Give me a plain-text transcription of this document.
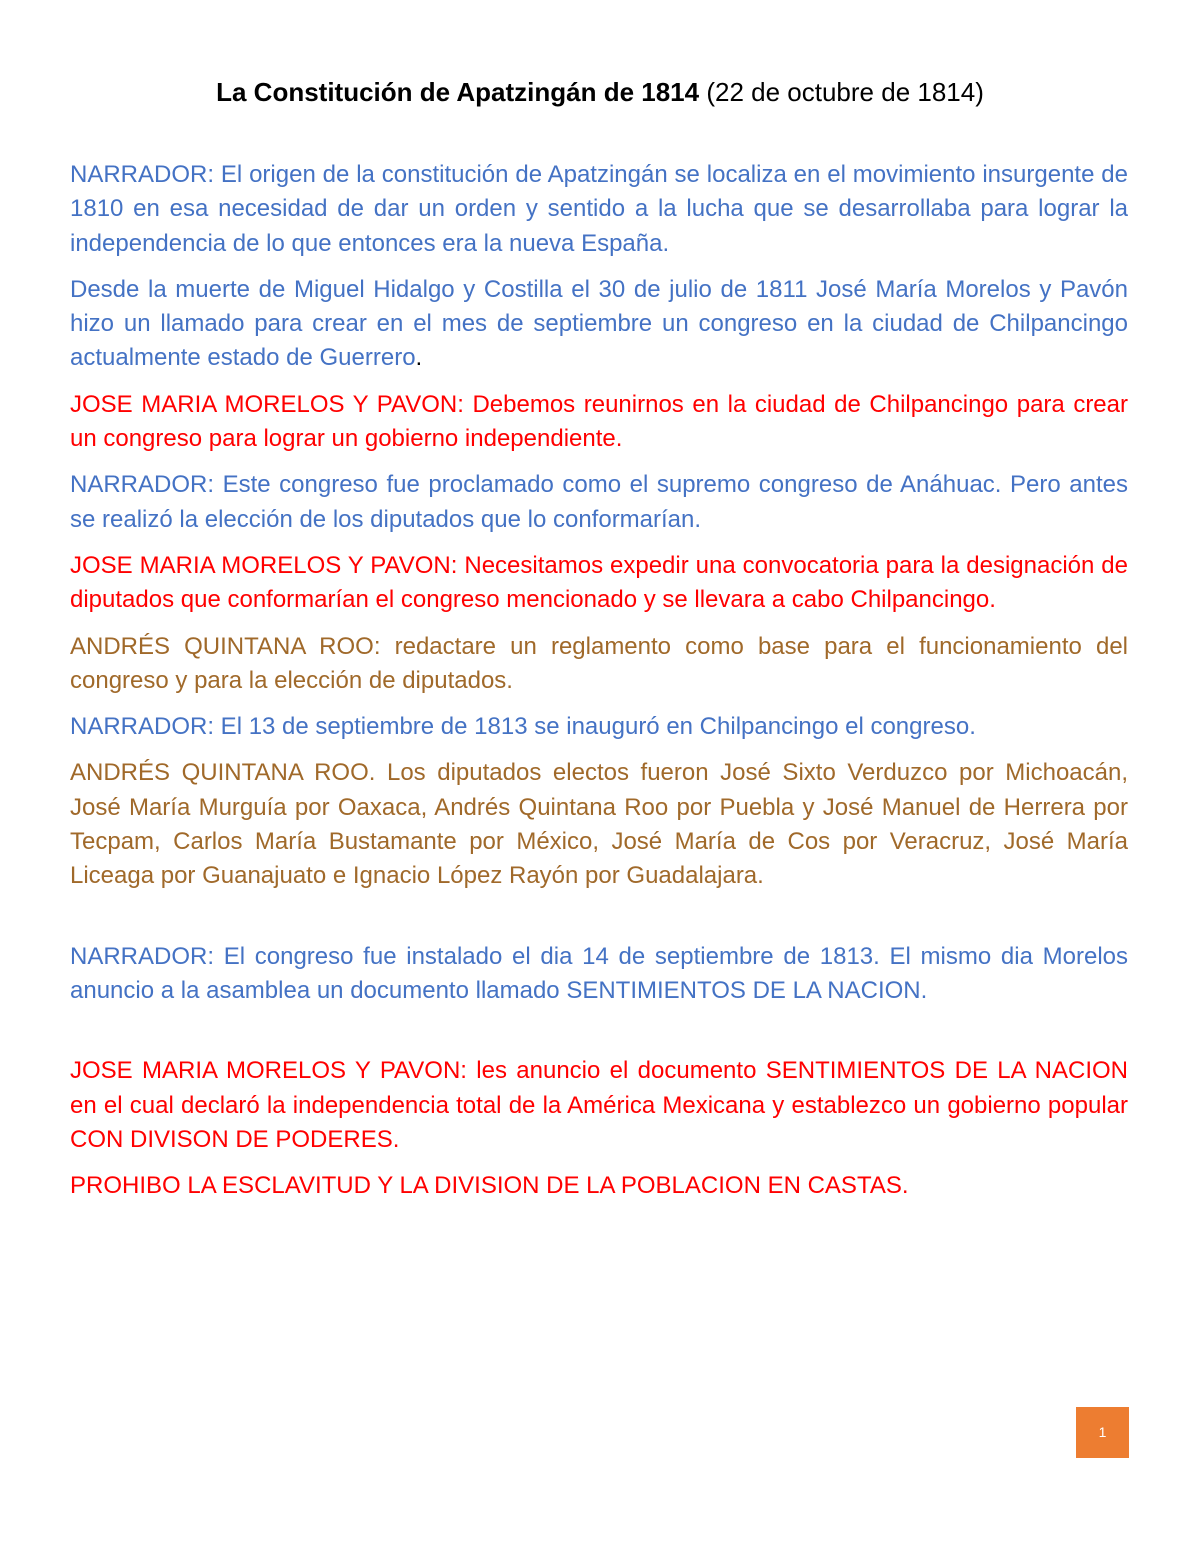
La Constitución de Apatzingán de 1814 (22 de octubre de 1814)

NARRADOR: El origen de la constitución de Apatzingán se localiza en el movimiento insurgente de 1810 en esa necesidad de dar un orden y sentido a la lucha que se desarrollaba para lograr la independencia de lo que entonces era la nueva España.

Desde la muerte de Miguel Hidalgo y Costilla el 30 de julio de 1811 José María Morelos y Pavón hizo un llamado para crear en el mes de septiembre un congreso en la ciudad de Chilpancingo actualmente estado de Guerrero.

JOSE MARIA MORELOS Y PAVON: Debemos reunirnos en la ciudad de Chilpancingo para crear un congreso para lograr un gobierno independiente.

NARRADOR: Este congreso fue proclamado como el supremo congreso de Anáhuac. Pero antes se realizó la elección de los diputados que lo conformarían.

JOSE MARIA MORELOS Y PAVON: Necesitamos expedir una convocatoria para la designación de diputados que conformarían el congreso mencionado y se llevara a cabo Chilpancingo.

ANDRÉS QUINTANA ROO: redactare un reglamento como base para el funcionamiento del congreso y para la elección de diputados.

NARRADOR: El 13 de septiembre de 1813 se inauguró en Chilpancingo el congreso.

ANDRÉS QUINTANA ROO. Los diputados electos fueron José Sixto Verduzco por Michoacán, José María Murguía por Oaxaca, Andrés Quintana Roo por Puebla y José Manuel de Herrera por Tecpam, Carlos María Bustamante por México, José María de Cos por Veracruz, José María Liceaga por Guanajuato e Ignacio López Rayón por Guadalajara.

NARRADOR: El congreso fue instalado el dia 14 de septiembre de 1813. El mismo dia Morelos anuncio a la asamblea un documento llamado SENTIMIENTOS DE LA NACION.

JOSE MARIA MORELOS Y PAVON: les anuncio el documento SENTIMIENTOS DE LA NACION en el cual declaró la independencia total de la América Mexicana y establezco un gobierno popular CON DIVISON DE PODERES.

PROHIBO LA ESCLAVITUD Y LA DIVISION DE LA POBLACION EN CASTAS.

1
